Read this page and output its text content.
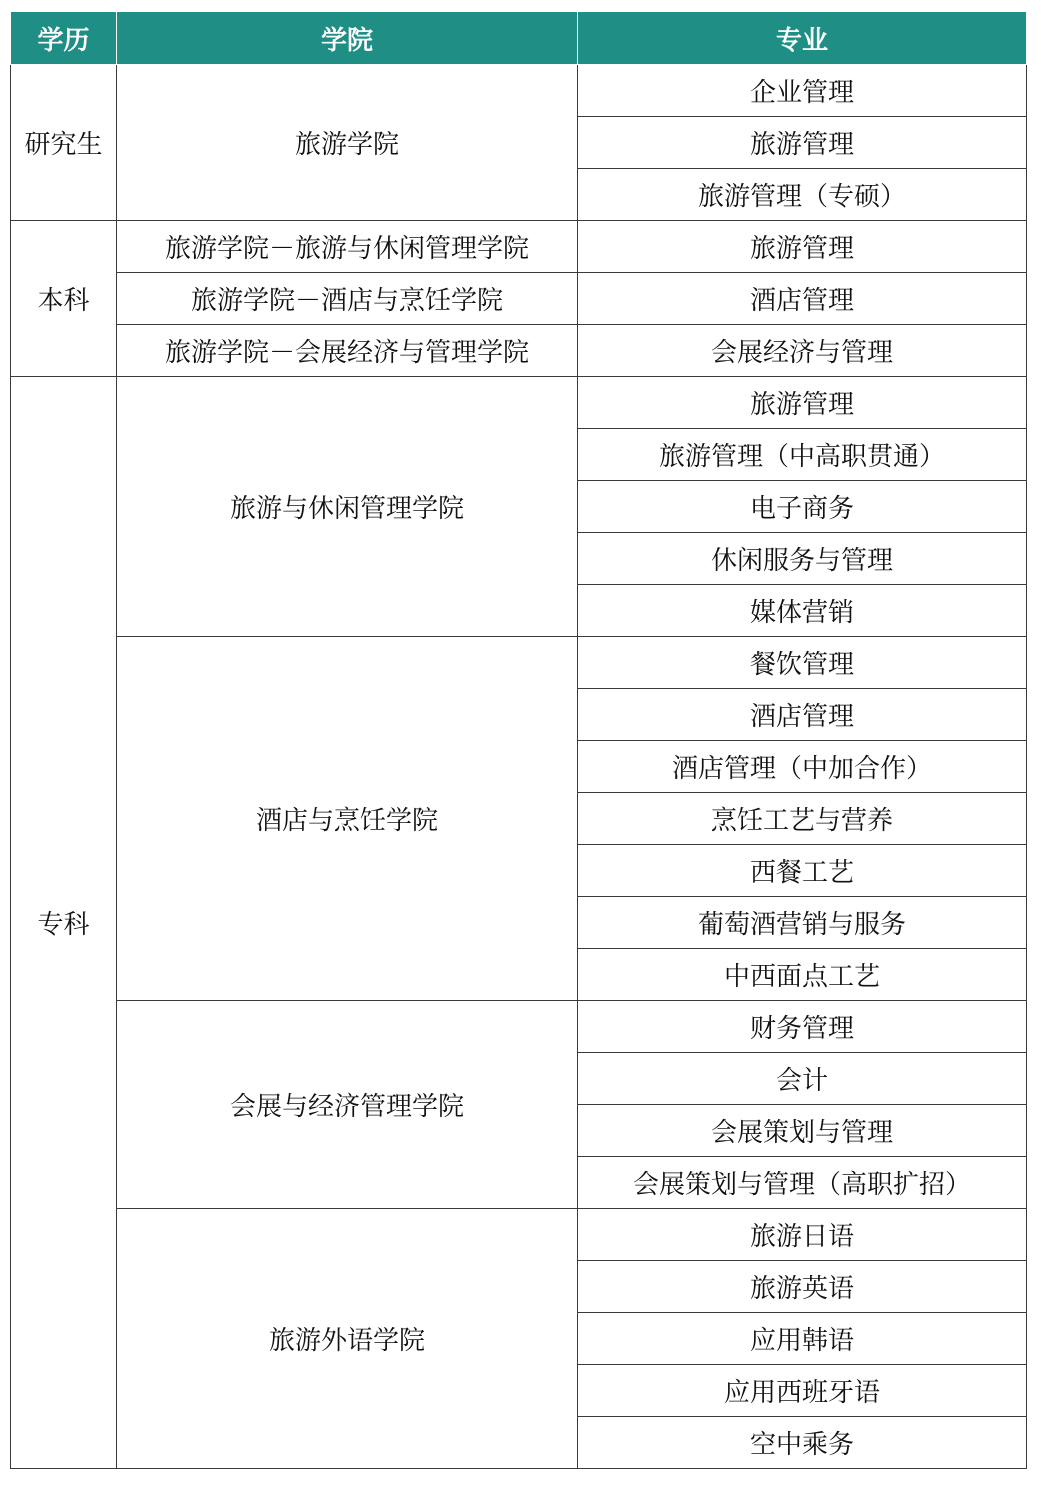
学历	学院	专业
研究生	旅游学院	企业管理
		旅游管理
		旅游管理（专硕）
本科	旅游学院－旅游与休闲管理学院	旅游管理
	旅游学院－酒店与烹饪学院	酒店管理
	旅游学院－会展经济与管理学院	会展经济与管理
专科	旅游与休闲管理学院	旅游管理
		旅游管理（中高职贯通）
		电子商务
		休闲服务与管理
		媒体营销
	酒店与烹饪学院	餐饮管理
		酒店管理
		酒店管理（中加合作）
		烹饪工艺与营养
		西餐工艺
		葡萄酒营销与服务
		中西面点工艺
	会展与经济管理学院	财务管理
		会计
		会展策划与管理
		会展策划与管理（高职扩招）
	旅游外语学院	旅游日语
		旅游英语
		应用韩语
		应用西班牙语
		空中乘务
